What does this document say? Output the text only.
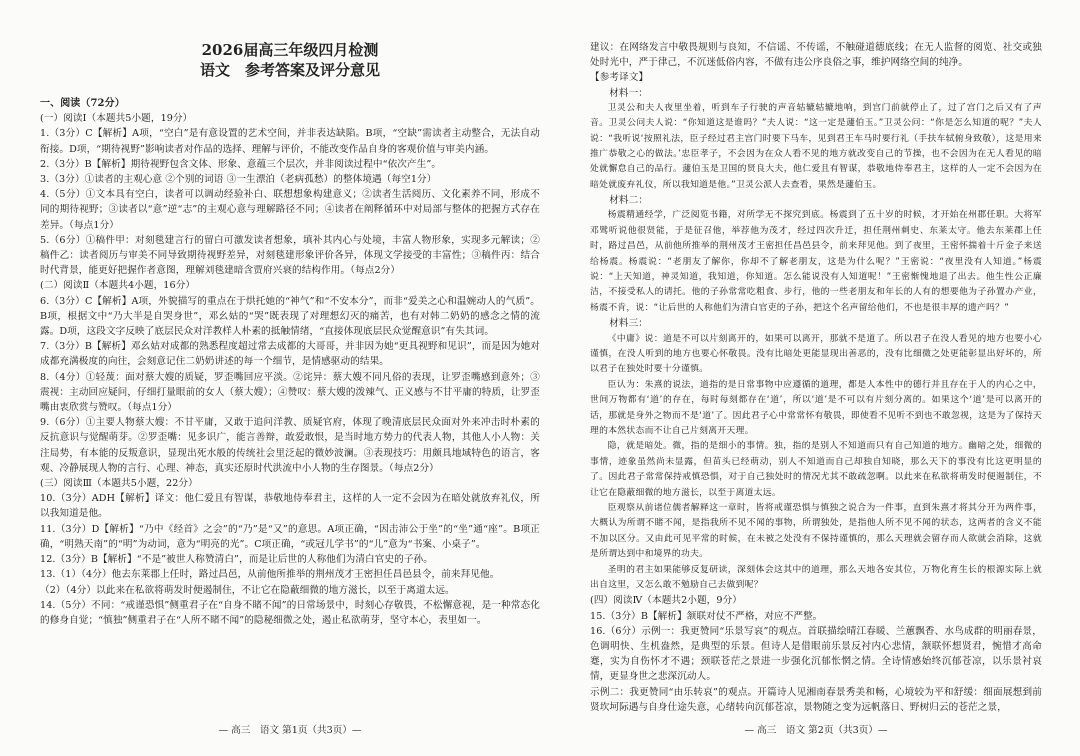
2026届高三年级四月检测
语文　参考答案及评分意见

一、阅读（72分）

(一）阅读Ⅰ（本题共5小题，19分）

1.（3分）C【解析】A项，“空白”是有意设置的艺术空间，并非表达缺陷。B项，“空缺”需读者主动整合，无法自动衔接。D项，“期待视野”影响读者对作品的选择、理解与评价，不能改变作品自身的客观价值与审美内涵。

2.（3分）B【解析】期待视野包含文体、形象、意蕴三个层次，并非阅读过程中“依次产生”。

3.（3分）①读者的主观心意 ②个别的词语 ③一生漂泊（老病孤愁）的整体境遇（每空1分）

4.（5分）①文本具有空白，读者可以调动经验补白、联想想象构建意义；②读者生活阅历、文化素养不同，形成不同的期待视野；③读者以“意”逆“志”的主观心意与理解路径不同；④读者在阐释循环中对局部与整体的把握方式存在差异。（每点1分）

5.（6分）①稿件甲：对刻毯建言行的留白可激发读者想象，填补其内心与处境，丰富人物形象，实现多元解读；②稿件乙：读者阅历与审美不同导致期待视野差异，对刻毯建形象评价各异，体现文学接受的丰富性；③稿件丙：结合时代背景，能更好把握作者意图，理解刘毯建暗含贾府兴衰的结构作用。（每点2分）

(二）阅读Ⅱ（本题共4小题，16分）

6.（3分）C【解析】A项，外貌描写的重点在于烘托她的“神气”和“不安本分”，而非“爱美之心和温婉动人的气质”。B项，根据文中“乃大半是自哭身世”，邓幺姑的“哭”既表现了对理想幻灭的痛苦，也有对韩二奶奶的感念之情的流露。D项，这段文字反映了底层民众对洋教样人朴素的抵触情绪，“直接体现底层民众觉醒意识”有失其词。

7.（3分）B【解析】邓幺姑对成都的熟悉程度超过常去成都的大哥哥，并非因为她“更具视野和见识”，而是因为她对成都充满极度的向往，会刻意记住二奶奶讲述的每一个细节，是情感驱动的结果。

8.（4分）①轻蔑：面对蔡大嫂的质疑，罗歪嘴回应平淡。②诧异：蔡大嫂不同凡俗的表现，让罗歪嘴感到意外；③震视：主动回应疑问，仔细打量眼前的女人（蔡大嫂）；④赞叹：蔡大嫂的泼辣气、正义感与不甘平庸的特质，让罗歪嘴由衷欣赏与赞叹。（每点1分）

9.（6分）①主要人物蔡大嫂：不甘平庸，又敢于追问洋教、质疑官府，体现了晚清底层民众面对外来冲击时朴素的反抗意识与觉醒萌芽。②罗歪嘴：见多识广，能言善辩，敢爱敢恨，是当时地方势力的代表人物，其他人小人物：关注局势，有本能的反叛意识，显现出死水般的传统社会里泛起的微妙波澜。③表现技巧：用颇具地域特色的语言，客观、冷静展现人物的言行、心理、神态，真实还原时代洪流中小人物的生存图景。（每点2分）

(三）阅读Ⅲ（本题共5小题，22分）

10.（3分）ADH【解析】译文：他仁爱且有智谋，恭敬地侍奉君主，这样的人一定不会因为在暗处就放弃礼仪，所以我知道是他。

11.（3分）D【解析】“乃中《经首》之会”的“乃”是“又”的意思。A项正确，“因击沛公于坐”的“坐”通“座”。B项正确，“明熟天南”的“明”为动词，意为“明亮的光”。C项正确，“或冠儿学书”的“儿”意为“书案、小桌子”。

12.（3分）B【解析】“不是”被世人称赞清白”，而是让后世的人称他们为清白官史的子孙。

13.（1）（4分）他去东莱郡上任时，路过昌邑，从前他所推举的荆州茂才王密担任昌邑县令，前来拜见他。

（2）（4分）以此来在私欲将萌发时便遏制住，不让它在隐蔽细微的地方滋长，以至于离道太远。

14.（5分）不同：“戒谨恐惧”侧重君子在“自身不睹不闻”的日常场景中，时刻心存敬畏，不松懈意视，是一种常态化的修身自觉；“慎独”侧重君子在“人所不睹不闻”的隐秘细微之处，遏止私欲萌芽，坚守本心，表里如一。

建议：在网络发言中敬畏规则与良知，不信谣、不传谣，不触碰道德底线；在无人监督的阅览、社交或独处时光中，严于律己，不沉迷低俗内容，不做有违公序良俗之事，维护网络空间的纯净。

【参考译文】

材料一：

卫灵公和夫人夜里坐着，听到车子行驶的声音轱辘轱辘地响，到宫门前就停止了，过了宫门之后又有了声音。卫灵公问夫人说：“你知道这是谁吗？”夫人说：“这一定是蘧伯玉。”卫灵公问：“你是怎么知道的呢？”夫人说：“我听说‘按照礼法，臣子经过君主宫门时要下马车，见到君王车马时要行礼（手扶车轼俯身致敬），这是用来推广恭敬之心的做法。’忠臣孝子，不会因为在众人看不见的地方就改变自己的节操，也不会因为在无人看见的暗处就懈怠自己的品行。蘧伯玉是卫国的贤良大夫，他仁爱且有智谋，恭敬地侍奉君主，这样的人一定不会因为在暗处就废弃礼仪，所以我知道是他。”卫灵公派人去查看，果然是蘧伯玉。

材料二：

杨震精通经学，广泛阅览书籍，对所学无不探究到底。杨震到了五十岁的时候，才开始在州郡任职。大将军邓骘听说他很贤能，于是征召他，举荐他为茂才，经过四次升迁，担任荆州刺史、东莱太守。他去东莱郡上任时，路过昌邑，从前他所推举的荆州茂才王密担任昌邑县令，前来拜见他。到了夜里，王密怀揣着十斤金子来送给杨震。杨震说：“老朋友了解你，你却不了解老朋友，这是为什么呢？”王密说：“夜里没有人知道。”杨震说：“上天知道，神灵知道，我知道，你知道。怎么能说没有人知道呢！”王密惭愧地退了出去。他生性公正廉洁，不接受私人的请托。他的子孙常常吃粗食、步行，他的一些老朋友和年长的人有的想要他为子孙置办产业，杨震不肯，说：“让后世的人称他们为清白官吏的子孙，把这个名声留给他们，不也是很丰厚的遗产吗？”

材料三：

《中庸》说：道是不可以片刻离开的，如果可以离开，那就不是道了。所以君子在没人看见的地方也要小心谨慎，在没人听到的地方也要心怀敬畏。没有比暗处更能显现出善恶的，没有比细微之处更能彰显出好坏的，所以君子在独处时要十分谨慎。

臣认为：朱熹的说法，道指的是日常事物中应遵循的道理，都是人本性中的德行并且存在于人的内心之中，世间万物都有‘道’的存在，每时每刻都存在‘道’，所以‘道’是不可以有片刻分离的。如果这个‘道’是可以离开的话，那就是身外之物而不是‘道’了。因此君子心中常常怀有敬畏，即使看不见听不到也不敢忽视，这是为了保持天理的本然状态而不让自己片刻离开天理。

隐，就是暗处。微，指的是细小的事情。独，指的是别人不知道而只有自己知道的地方。幽暗之处，细微的事情，迹象虽然尚未显露，但苗头已经萌动，别人不知道而自己却独自知晓，那么天下的事没有比这更明显的了。因此君子常常保持戒慎恐惧，对于自己独处时的情况尤其不敢疏忽啊。以此来在私欲将萌发时便遏制住，不让它在隐蔽细微的地方滋长，以至于离道太远。

臣观察从前诸位儒者解释这一章时，皆将戒谨恐惧与慎独之说合为一件事，直到朱熹才将其分开为两件事，大概认为所谓不睹不闻，是指我所不见不闻的事物，所谓独处，是指他人所不见不闻的状态，这两者的含义不能不加以区分。又由此可见平常的时候，在未被之处没有不保持谨慎的，那么天理就会留存而人欲就会消除，这就是所谓达到中和境界的功夫。

圣明的君主如果能够反复研读，深刻体会这其中的道理，那么天地各安其位，万物化育生长的根源实际上就出自这里，又怎么敢不勉励自己去做到呢？

(四）阅读Ⅳ（本题共2小题，9分）

15.（3分）B【解析】颔联对仗不严格，对应不严整。

16.（6分）示例一：我更赞同“乐景写哀”的观点。首联描绘晴江春暖、兰蕙飘香、水鸟成群的明丽春景，色调明快、生机盎然，是典型的乐景。但诗人是借眼前乐景反衬内心悲情，颔联怀想贤君，惋惜才高命蹇，实为自伤怀才不遇；颈联苍茫之景进一步强化沉郁怅惘之情。全诗情感始终沉郁苍凉，以乐景衬哀情，更显身世之悲深沉动人。

示例二：我更赞同“由乐转哀”的观点。开篇诗人见湘南春景秀美和畅，心境较为平和舒缓：细面展想到前贤坎坷际遇与自身仕途失意，心绪转向沉郁苍凉，景物随之变为远帆落日、野树归云的苍茫之景，

— 高三　语文 第1页（共3页）—	— 高三　语文 第2页（共3页）—
